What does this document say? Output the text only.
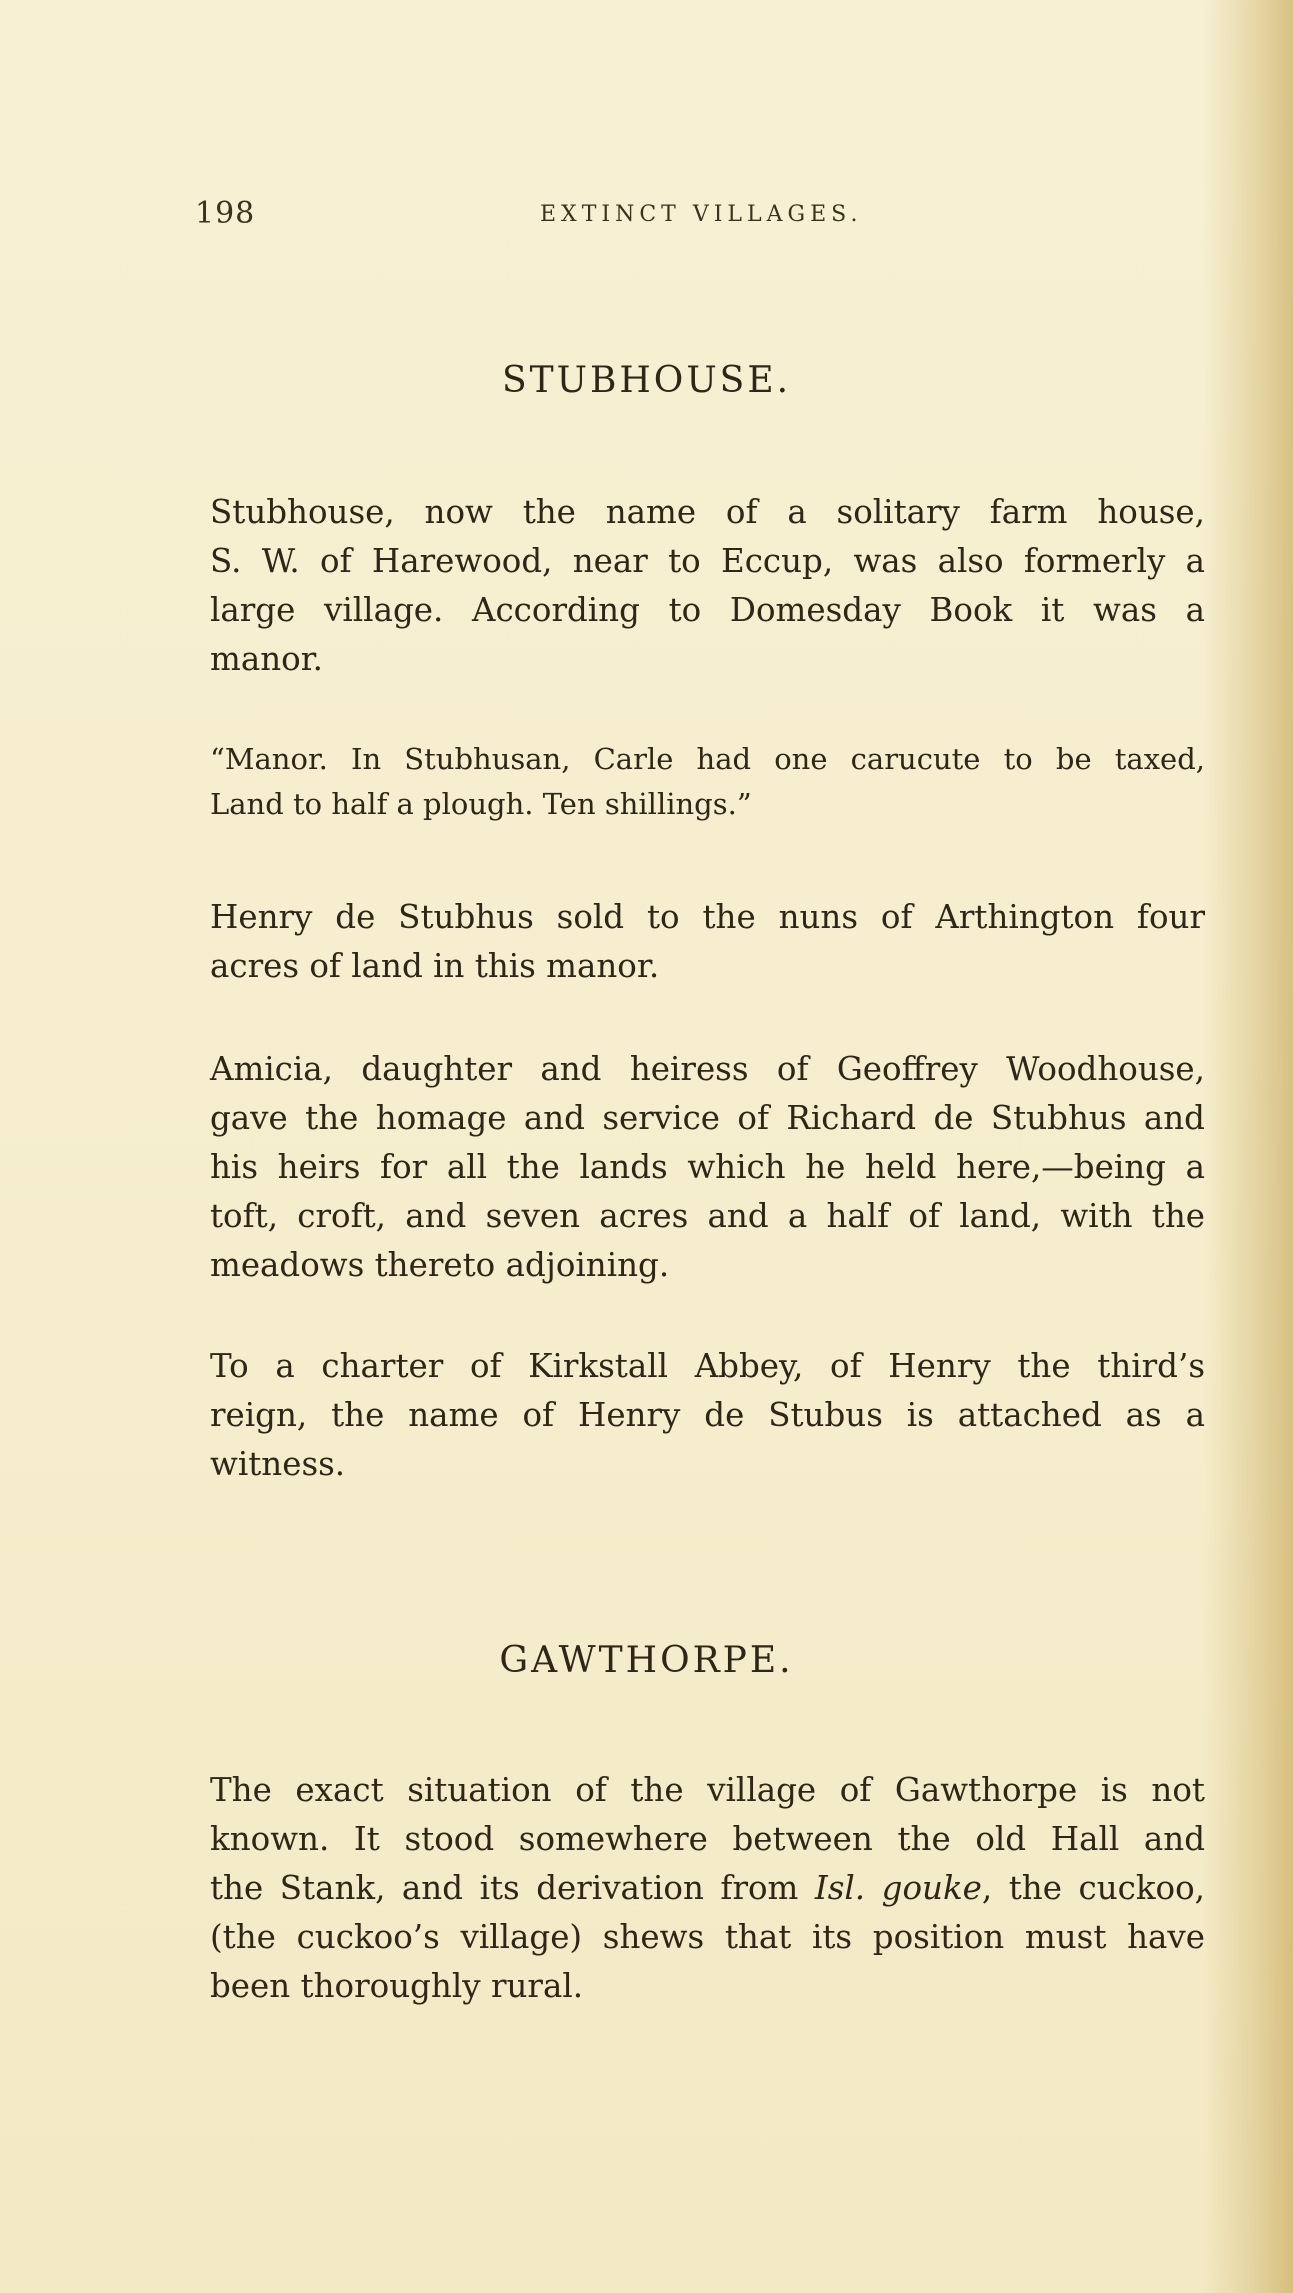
198	EXTINCT VILLAGES.
STUBHOUSE.
Stubhouse, now the name of a solitary farm house,
S. W. of Harewood, near to Eccup, was also formerly a
large village. According to Domesday Book it was a
manor.
“Manor. In Stubhusan, Carle had one carucute to be taxed,
Land to half a plough. Ten shillings.”
Henry de Stubhus sold to the nuns of Arthington four
acres of land in this manor.
Amicia, daughter and heiress of Geoffrey Woodhouse,
gave the homage and service of Richard de Stubhus and
his heirs for all the lands which he held here,—being a
toft, croft, and seven acres and a half of land, with the
meadows thereto adjoining.
To a charter of Kirkstall Abbey, of Henry the third’s
reign, the name of Henry de Stubus is attached as a
witness.
GAWTHORPE.
The exact situation of the village of Gawthorpe is not
known. It stood somewhere between the old Hall and
the Stank, and its derivation from Isl. gouke, the cuckoo,
(the cuckoo’s village) shews that its position must have
been thoroughly rural.
